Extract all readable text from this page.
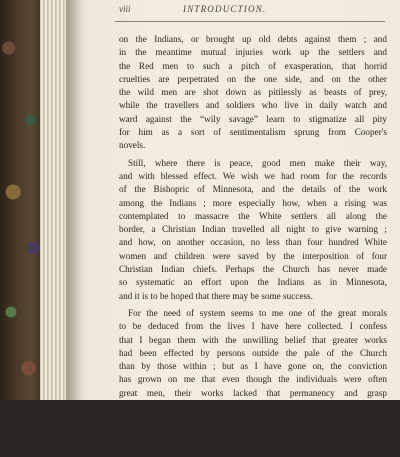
viii	INTRODUCTION.
on the Indians, or brought up old debts against them ; and
in the meantime mutual injuries work up the settlers and
the Red men to such a pitch of exasperation, that horrid
cruelties are perpetrated on the one side, and on the other
the wild men are shot down as pitilessly as beasts of prey,
while the travellers and soldiers who live in daily watch and
ward against the “wily savage” learn to stigmatize all pity
for him as a sort of sentimentalism sprung from Cooper's
novels.
Still, where there is peace, good men make their way,
and with blessed effect. We wish we had room for the records
of the Bishopric of Minnesota, and the details of the work
among the Indians ; more especially how, when a rising was
contemplated to massacre the White settlers all along the
border, a Christian Indian travelled all night to give warning ;
and how, on another occasion, no less than four hundred White
women and children were saved by the interposition of four
Christian Indian chiefs. Perhaps the Church has never made
so systematic an effort upon the Indians as in Minnesota,
and it is to be hoped that there may be some success.
For the need of system seems to me one of the great morals
to be deduced from the lives I have here collected. I confess
that I began them with the unwilling belief that greater works
had been effected by persons outside the pale of the Church
than by those within ; but as I have gone on, the conviction
has grown on me that even though the individuals were often
great men, their works lacked that permanency and grasp
that Church work, as such, has had.
The equality of rank in the ministry of other bodies has
prevented the original great founders from being invested with
the power that is really needed in training and disciplining
